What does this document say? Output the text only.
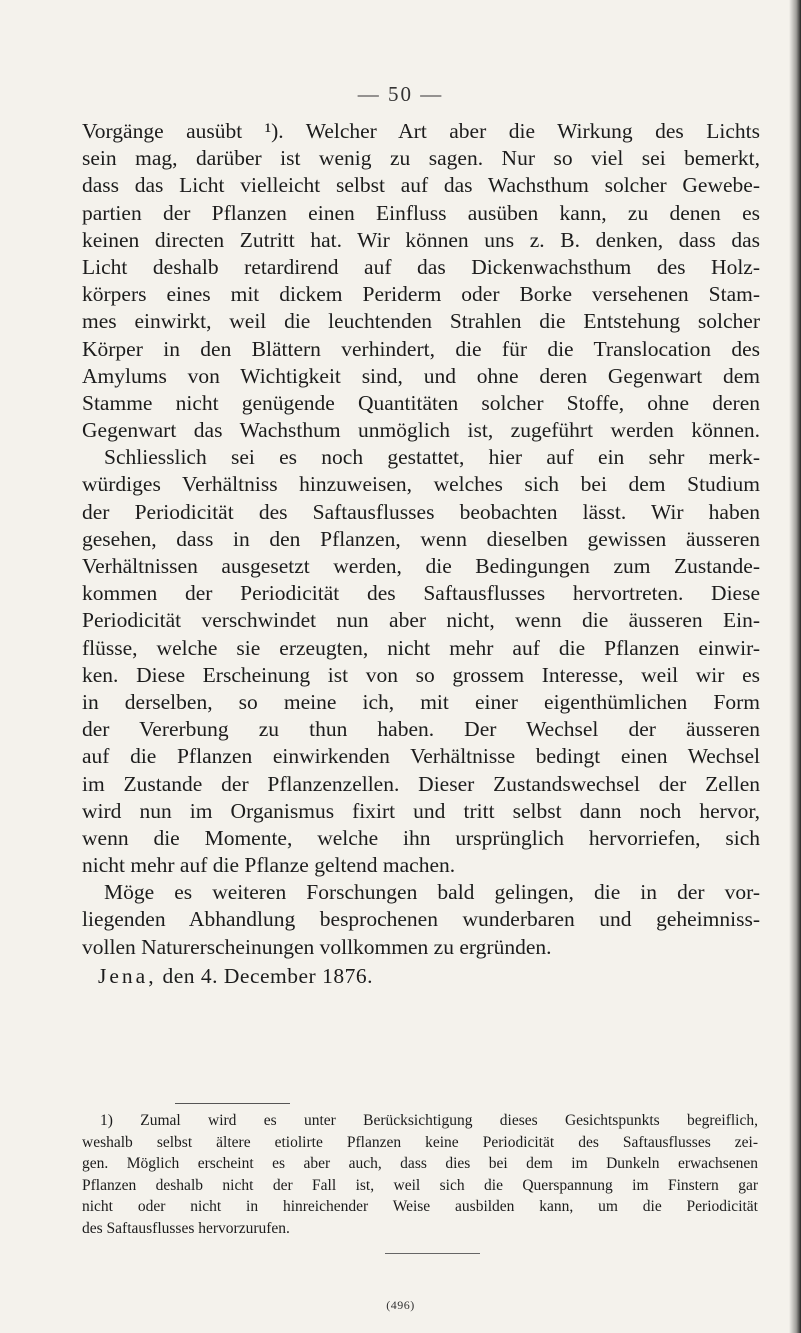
— 50 —
Vorgänge ausübt ¹). Welcher Art aber die Wirkung des Lichts
sein mag, darüber ist wenig zu sagen. Nur so viel sei bemerkt,
dass das Licht vielleicht selbst auf das Wachsthum solcher Gewebe-
partien der Pflanzen einen Einfluss ausüben kann, zu denen es
keinen directen Zutritt hat. Wir können uns z. B. denken, dass das
Licht deshalb retardirend auf das Dickenwachsthum des Holz-
körpers eines mit dickem Periderm oder Borke versehenen Stam-
mes einwirkt, weil die leuchtenden Strahlen die Entstehung solcher
Körper in den Blättern verhindert, die für die Translocation des
Amylums von Wichtigkeit sind, und ohne deren Gegenwart dem
Stamme nicht genügende Quantitäten solcher Stoffe, ohne deren
Gegenwart das Wachsthum unmöglich ist, zugeführt werden können.
Schliesslich sei es noch gestattet, hier auf ein sehr merk-
würdiges Verhältniss hinzuweisen, welches sich bei dem Studium
der Periodicität des Saftausflusses beobachten lässt. Wir haben
gesehen, dass in den Pflanzen, wenn dieselben gewissen äusseren
Verhältnissen ausgesetzt werden, die Bedingungen zum Zustande-
kommen der Periodicität des Saftausflusses hervortreten. Diese
Periodicität verschwindet nun aber nicht, wenn die äusseren Ein-
flüsse, welche sie erzeugten, nicht mehr auf die Pflanzen einwir-
ken. Diese Erscheinung ist von so grossem Interesse, weil wir es
in derselben, so meine ich, mit einer eigenthümlichen Form
der Vererbung zu thun haben. Der Wechsel der äusseren
auf die Pflanzen einwirkenden Verhältnisse bedingt einen Wechsel
im Zustande der Pflanzenzellen. Dieser Zustandswechsel der Zellen
wird nun im Organismus fixirt und tritt selbst dann noch hervor,
wenn die Momente, welche ihn ursprünglich hervorriefen, sich
nicht mehr auf die Pflanze geltend machen.
Möge es weiteren Forschungen bald gelingen, die in der vor-
liegenden Abhandlung besprochenen wunderbaren und geheimniss-
vollen Naturerscheinungen vollkommen zu ergründen.
Jena, den 4. December 1876.
1) Zumal wird es unter Berücksichtigung dieses Gesichtspunkts begreiflich,
weshalb selbst ältere etiolirte Pflanzen keine Periodicität des Saftausflusses zei-
gen. Möglich erscheint es aber auch, dass dies bei dem im Dunkeln erwachsenen
Pflanzen deshalb nicht der Fall ist, weil sich die Querspannung im Finstern gar
nicht oder nicht in hinreichender Weise ausbilden kann, um die Periodicität
des Saftausflusses hervorzurufen.
(496)
